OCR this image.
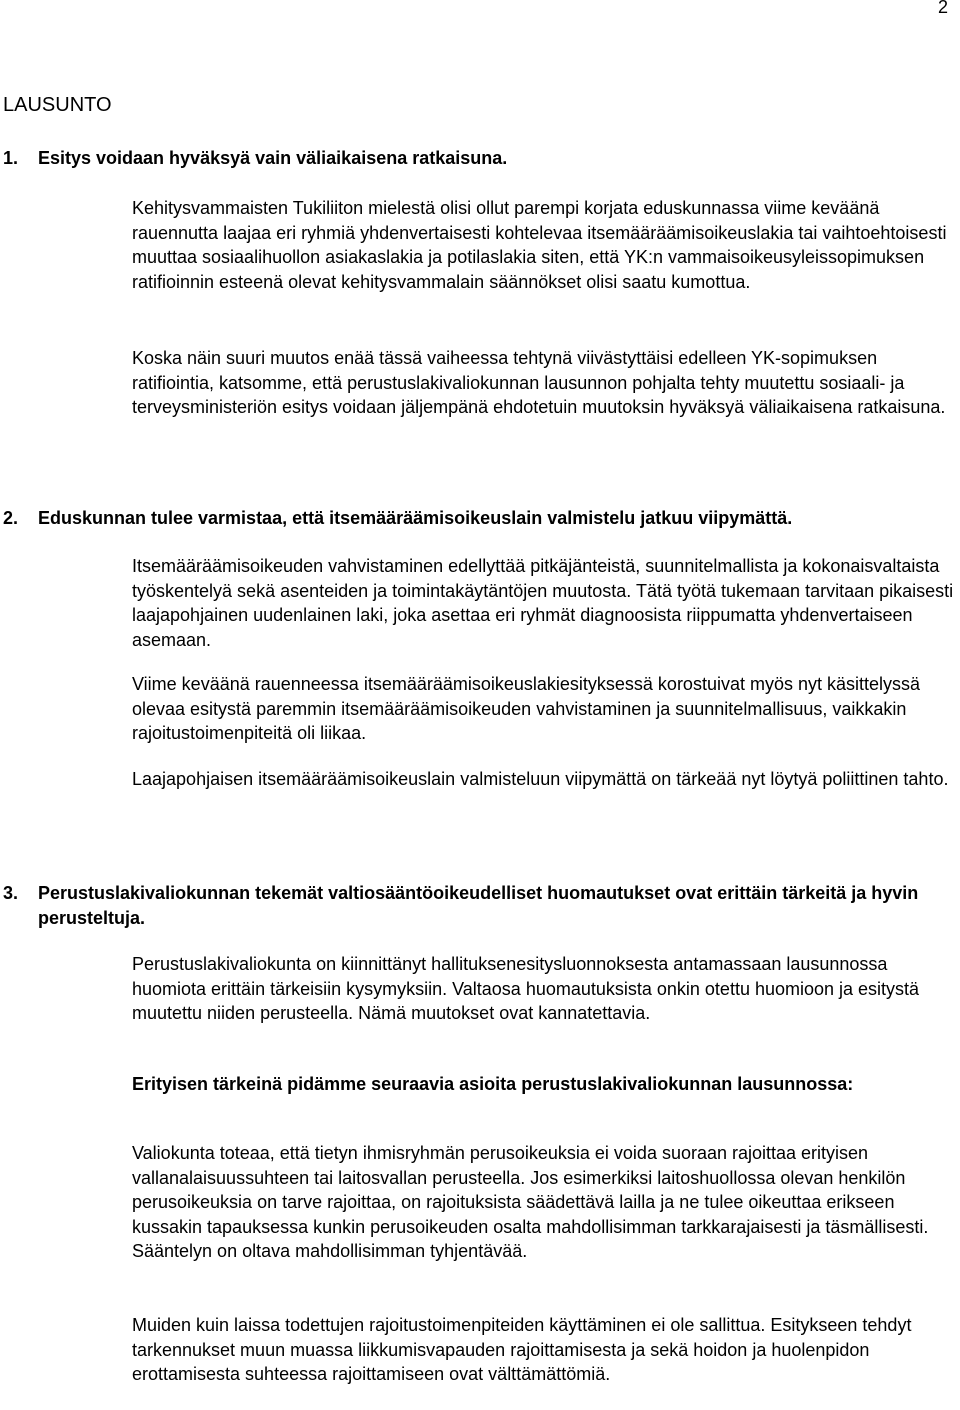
2
LAUSUNTO
1. Esitys voidaan hyväksyä vain väliaikaisena ratkaisuna.

Kehitysvammaisten Tukiliiton mielestä olisi ollut parempi korjata eduskunnassa viime keväänä rauennutta laajaa eri ryhmiä yhdenvertaisesti kohtelevaa itsemääräämisoikeuslakia tai vaihtoehtoisesti muuttaa sosiaalihuollon asiakaslakia ja potilaslakia siten, että YK:n vammaisoikeusyleissopimuksen ratifioinnin esteenä olevat kehitysvammalain säännökset olisi saatu kumottua.

Koska näin suuri muutos enää tässä vaiheessa tehtynä viivästyttäisi edelleen YK-sopimuksen ratifiointia, katsomme, että perustuslakivaliokunnan lausunnon pohjalta tehty muutettu sosiaali- ja terveysministeriön esitys voidaan jäljempänä ehdotetuin muutoksin hyväksyä väliaikaisena ratkaisuna.

2. Eduskunnan tulee varmistaa, että itsemääräämisoikeuslain valmistelu jatkuu viipymättä.

Itsemääräämisoikeuden vahvistaminen edellyttää pitkäjänteistä, suunnitelmallista ja kokonaisvaltaista työskentelyä sekä asenteiden ja toimintakäytäntöjen muutosta. Tätä työtä tukemaan tarvitaan pikaisesti laajapohjainen uudenlainen laki, joka asettaa eri ryhmät diagnoosista riippumatta yhdenvertaiseen asemaan.

Viime keväänä rauenneessa itsemääräämisoikeuslakiesityksessä korostuivat myös nyt käsittelyssä olevaa esitystä paremmin itsemääräämisoikeuden vahvistaminen ja suunnitelmallisuus, vaikkakin rajoitustoimenpiteitä oli liikaa.

Laajapohjaisen itsemääräämisoikeuslain valmisteluun viipymättä on tärkeää nyt löytyä poliittinen tahto.

3. Perustuslakivaliokunnan tekemät valtiosääntöoikeudelliset huomautukset ovat erittäin tärkeitä ja hyvin perusteltuja.

Perustuslakivaliokunta on kiinnittänyt hallituksenesitysluonnoksesta antamassaan lausunnossa huomiota erittäin tärkeisiin kysymyksiin. Valtaosa huomautuksista onkin otettu huomioon ja esitystä muutettu niiden perusteella. Nämä muutokset ovat kannatettavia.

Erityisen tärkeinä pidämme seuraavia asioita perustuslakivaliokunnan lausunnossa:

Valiokunta toteaa, että tietyn ihmisryhmän perusoikeuksia ei voida suoraan rajoittaa erityisen vallanalaisuussuhteen tai laitosvallan perusteella. Jos esimerkiksi laitoshuollossa olevan henkilön perusoikeuksia on tarve rajoittaa, on rajoituksista säädettävä lailla ja ne tulee oikeuttaa erikseen kussakin tapauksessa kunkin perusoikeuden osalta mahdollisimman tarkkarajaisesti ja täsmällisesti. Sääntelyn on oltava mahdollisimman tyhjentävää.

Muiden kuin laissa todettujen rajoitustoimenpiteiden käyttäminen ei ole sallittua. Esitykseen tehdyt tarkennukset muun muassa liikkumisvapauden rajoittamisesta ja sekä hoidon ja huolenpidon erottamisesta suhteessa rajoittamiseen ovat välttämättömiä.
